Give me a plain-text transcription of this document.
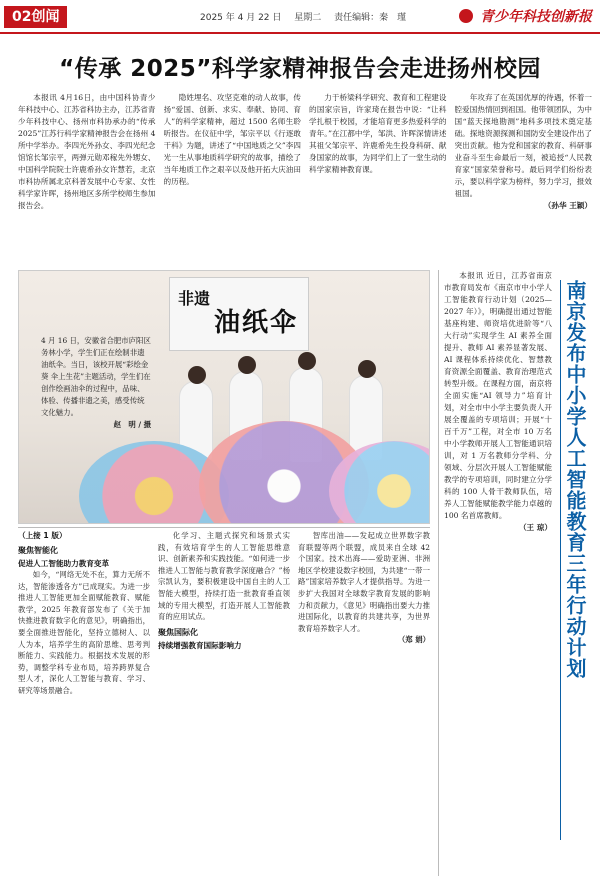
02创闻	2025 年 4 月 22 日 星期二 责任编辑：秦　瑾	青少年科技创新报
“传承 2025”科学家精神报告会走进扬州校园

本报讯 4月16日，由中国科协青少年科技中心、江苏省科协主办，江苏省青少年科技中心、扬州市科协承办的“传承 2025”江苏行科学家精神报告会在扬州 4 所中学举办。李四光外孙女、李四光纪念馆馆长邹宗平，两弹元勋邓稼先外甥女、中国科学院院士许鹿希孙女许慧若，北京市科协所属北京科普发展中心专家、女性科学家许晖，扬州地区多所学校师生参加报告会。

隐姓埋名、攻坚克难的动人故事，传扬“爱国、创新、求实、奉献、协同、育人”的科学家精神，超过 1500 名师生聆听报告。在仪征中学，邹宗平以《行逐敢干科》为题，讲述了“中国地质之父”李四光一生从事地质科学研究的故事，描绘了当年地质工作之艰辛以及他开拓大庆油田的历程。

力于桥梁科学研究、教育和工程建设的国家宗旨，许家琦在报告中说：“让科学扎根于校园，才能培育更多热爱科学的青年。”在江都中学，邹洪、许晖深情讲述其祖父邹宗平、许鹿希先生投身科研、献身国家的故事，为同学们上了一堂生动的科学家精神教育课。

年攻弃了在英国优厚的待遇，怀着一腔爱国热情回到祖国。他带领团队，为中国“蓝天探地勘测”地科多项技术奠定基础。探地资源探测和国防安全建设作出了突出贡献。他为党和国家的教育、科研事业奋斗至生命最后一刻，被追授“人民教育家”国家荣誉称号。最后同学们纷纷表示，要以科学家为榜样，努力学习，报效祖国。

（孙华 王颖）
非遗
油纸伞
4 月 16 日，安徽省合肥市庐阳区务林小学，学生们正在绘制非遗油纸伞。当日，该校开展“彩绘金葵 伞上生花”主题活动，学生们在创作绘画油伞的过程中，品味、体验、传播非遗之美，感受传统文化魅力。
赵　明 / 摄

本报讯 近日，江苏省南京市教育局发布《南京市中小学人工智能教育行动计划（2025—2027 年）》，明确提出通过智能基座构建、师资培优进阶等“八大行动”实现学生 AI 素养全面提升、教师 AI 素养显著发展、AI 课程体系持续优化、智慧教育资源全面覆盖、教育治理范式转型升级。在课程方面，南京将全面实施“AI 领导力”培育计划，对全市中小学主要负责人开展全覆盖的专项培训；开展“十百千万”工程，对全市 10 万名中小学教师开展人工智能通识培训，对 1 万名教师分学科、分领域、分层次开展人工智能赋能教学的专项培训，同时建立分学科的 100 人骨干教师队伍，培养人工智能赋能教学能力卓越的 100 名首席教师。

（王 琼） 南京发布中小学人工智能教育三年行动计划
（上接 1 版）
聚焦智能化
促进人工智能助力教育变革

如今，“网络无处不在，算力无所不达，智能渗透各方”已成现实。为进一步推进人工智能更加全面赋能教育、赋能教学，2025 年教育部发布了《关于加快推进教育数字化的意见》，明确指出，要全面推进智能化，坚持立德树人、以人为本，培养学生的高阶思维、思考判断能力、实践能力。根据技术发展的形势，调整学科专业布局，培养跨界复合型人才，深化人工智能与教育、学习、研究等场景融合。

化学习、主题式探究和场景式实践，有效培育学生的人工智能思维意识、创新素养和实践技能。“如何进一步推进人工智能与教育教学深度融合？”杨宗凯认为，要积极建设中国自主的人工智能大模型，持续打造一批教育垂直领域的专用大模型，打造开展人工智能教育的应用试点。

聚焦国际化
持续增强教育国际影响力

智库出油——发起成立世界数字教育联盟等两个联盟，成员来自全球 42 个国家。技术出海——爱助亚洲、非洲地区学校建设数字校园，为共建“一带一路”国家培养数字人才提供指导。为进一步扩大我国对全球数字教育发展的影响力和贡献力，《意见》明确指出要大力推进国际化，以教育的共建共享，为世界教育培养数字人才。

（郑 娟）
